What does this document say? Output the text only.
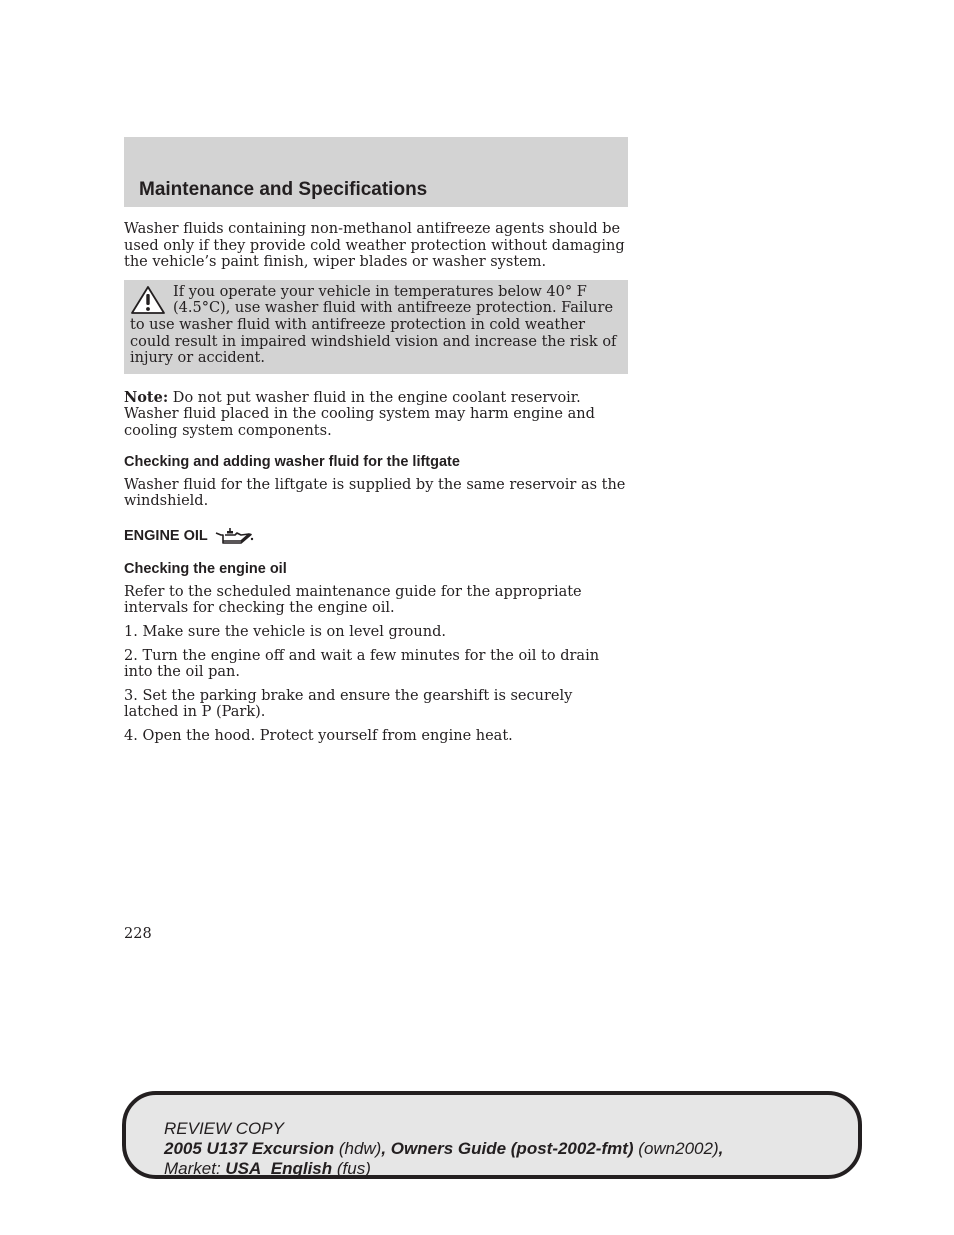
Maintenance and Specifications

Washer fluids containing non-methanol antifreeze agents should be used only if they provide cold weather protection without damaging the vehicle’s paint finish, wiper blades or washer system.

If you operate your vehicle in temperatures below 40° F (4.5°C), use washer fluid with antifreeze protection. Failure to use washer fluid with antifreeze protection in cold weather could result in impaired windshield vision and increase the risk of injury or accident.

Note: Do not put washer fluid in the engine coolant reservoir. Washer fluid placed in the cooling system may harm engine and cooling system components.

Checking and adding washer fluid for the liftgate

Washer fluid for the liftgate is supplied by the same reservoir as the windshield.

ENGINE OIL
Checking the engine oil

Refer to the scheduled maintenance guide for the appropriate intervals for checking the engine oil.

1. Make sure the vehicle is on level ground.

2. Turn the engine off and wait a few minutes for the oil to drain into the oil pan.

3. Set the parking brake and ensure the gearshift is securely latched in P (Park).

4. Open the hood. Protect yourself from engine heat.

228
REVIEW COPY
2005 U137 Excursion (hdw), Owners Guide (post-2002-fmt) (own2002),
Market: USA_English (fus)
